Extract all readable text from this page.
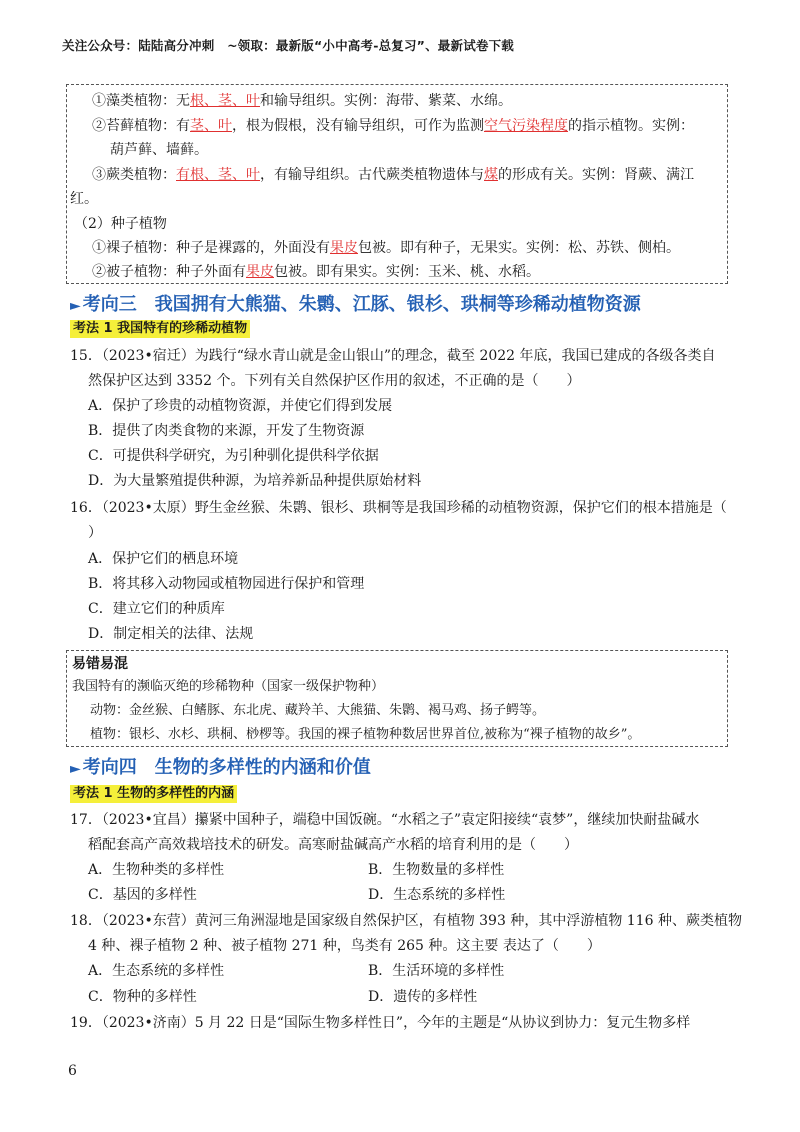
关注公众号：陆陆高分冲刺　~领取：最新版“小中高考-总复习”、最新试卷下载
①藻类植物：无根、茎、叶和输导组织。实例：海带、紫菜、水绵。
②苔藓植物：有茎、叶，根为假根，没有输导组织，可作为监测空气污染程度的指示植物。实例：
葫芦藓、墙藓。
③蕨类植物：有根、茎、叶，有输导组织。古代蕨类植物遗体与煤的形成有关。实例：肾蕨、满江
红。
（2）种子植物
①裸子植物：种子是裸露的，外面没有果皮包被。即有种子，无果实。实例：松、苏铁、侧柏。
②被子植物：种子外面有果皮包被。即有果实。实例：玉米、桃、水稻。
► 考向三　我国拥有大熊猫、朱鹮、江豚、银杉、珙桐等珍稀动植物资源
考法 1 我国特有的珍稀动植物
15．（2023•宿迁）为践行“绿水青山就是金山银山”的理念，截至 2022 年底，我国已建成的各级各类自
然保护区达到 3352 个。下列有关自然保护区作用的叙述，不正确的是（　　）
A．保护了珍贵的动植物资源，并使它们得到发展
B．提供了肉类食物的来源，开发了生物资源
C．可提供科学研究，为引种驯化提供科学依据
D．为大量繁殖提供种源，为培养新品种提供原始材料
16．（2023•太原）野生金丝猴、朱鹮、银杉、珙桐等是我国珍稀的动植物资源，保护它们的根本措施是（
）
A．保护它们的栖息环境
B．将其移入动物园或植物园进行保护和管理
C．建立它们的种质库
D．制定相关的法律、法规
易错易混
我国特有的濒临灭绝的珍稀物种（国家一级保护物种）
动物：金丝猴、白鳍豚、东北虎、藏羚羊、大熊猫、朱鹮、褐马鸡、扬子鳄等。
植物：银杉、水杉、珙桐、桫椤等。我国的裸子植物种数居世界首位,被称为“裸子植物的故乡”。
► 考向四　生物的多样性的内涵和价值
考法 1 生物的多样性的内涵
17．（2023•宜昌）攥紧中国种子，端稳中国饭碗。“水稻之子”袁定阳接续“袁梦”，继续加快耐盐碱水
稻配套高产高效栽培技术的研发。高寒耐盐碱高产水稻的培育利用的是（　　）
A．生物种类的多样性	B．生物数量的多样性
C．基因的多样性	D．生态系统的多样性
18．（2023•东营）黄河三角洲湿地是国家级自然保护区，有植物 393 种，其中浮游植物 116 种、蕨类植物
4 种、裸子植物 2 种、被子植物 271 种，鸟类有 265 种。这主要 表达了（　　）
A．生态系统的多样性	B．生活环境的多样性
C．物种的多样性	D．遗传的多样性
19．（2023•济南）5 月 22 日是“国际生物多样性日”，今年的主题是“从协议到协力：复元生物多样
6
